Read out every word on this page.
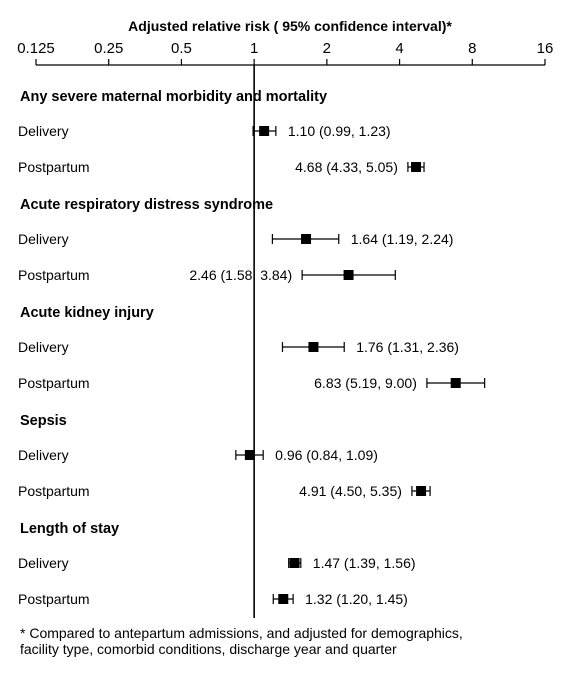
Adjusted relative risk ( 95% confidence interval)*
0.125	0.25	0.5	1	2	4	8	16
Any severe maternal morbidity and mortality
Delivery	1.10 (0.99, 1.23)
Postpartum	4.68 (4.33, 5.05)
Acute respiratory distress syndrome
Delivery	1.64 (1.19, 2.24)
Postpartum	2.46 (1.58, 3.84)
Acute kidney injury
Delivery	1.76 (1.31, 2.36)
Postpartum	6.83 (5.19, 9.00)
Sepsis
Delivery	0.96 (0.84, 1.09)
Postpartum	4.91 (4.50, 5.35)
Length of stay
Delivery	1.47 (1.39, 1.56)
Postpartum	1.32 (1.20, 1.45)
* Compared to antepartum admissions, and adjusted for demographics,
facility type, comorbid conditions, discharge year and quarter
